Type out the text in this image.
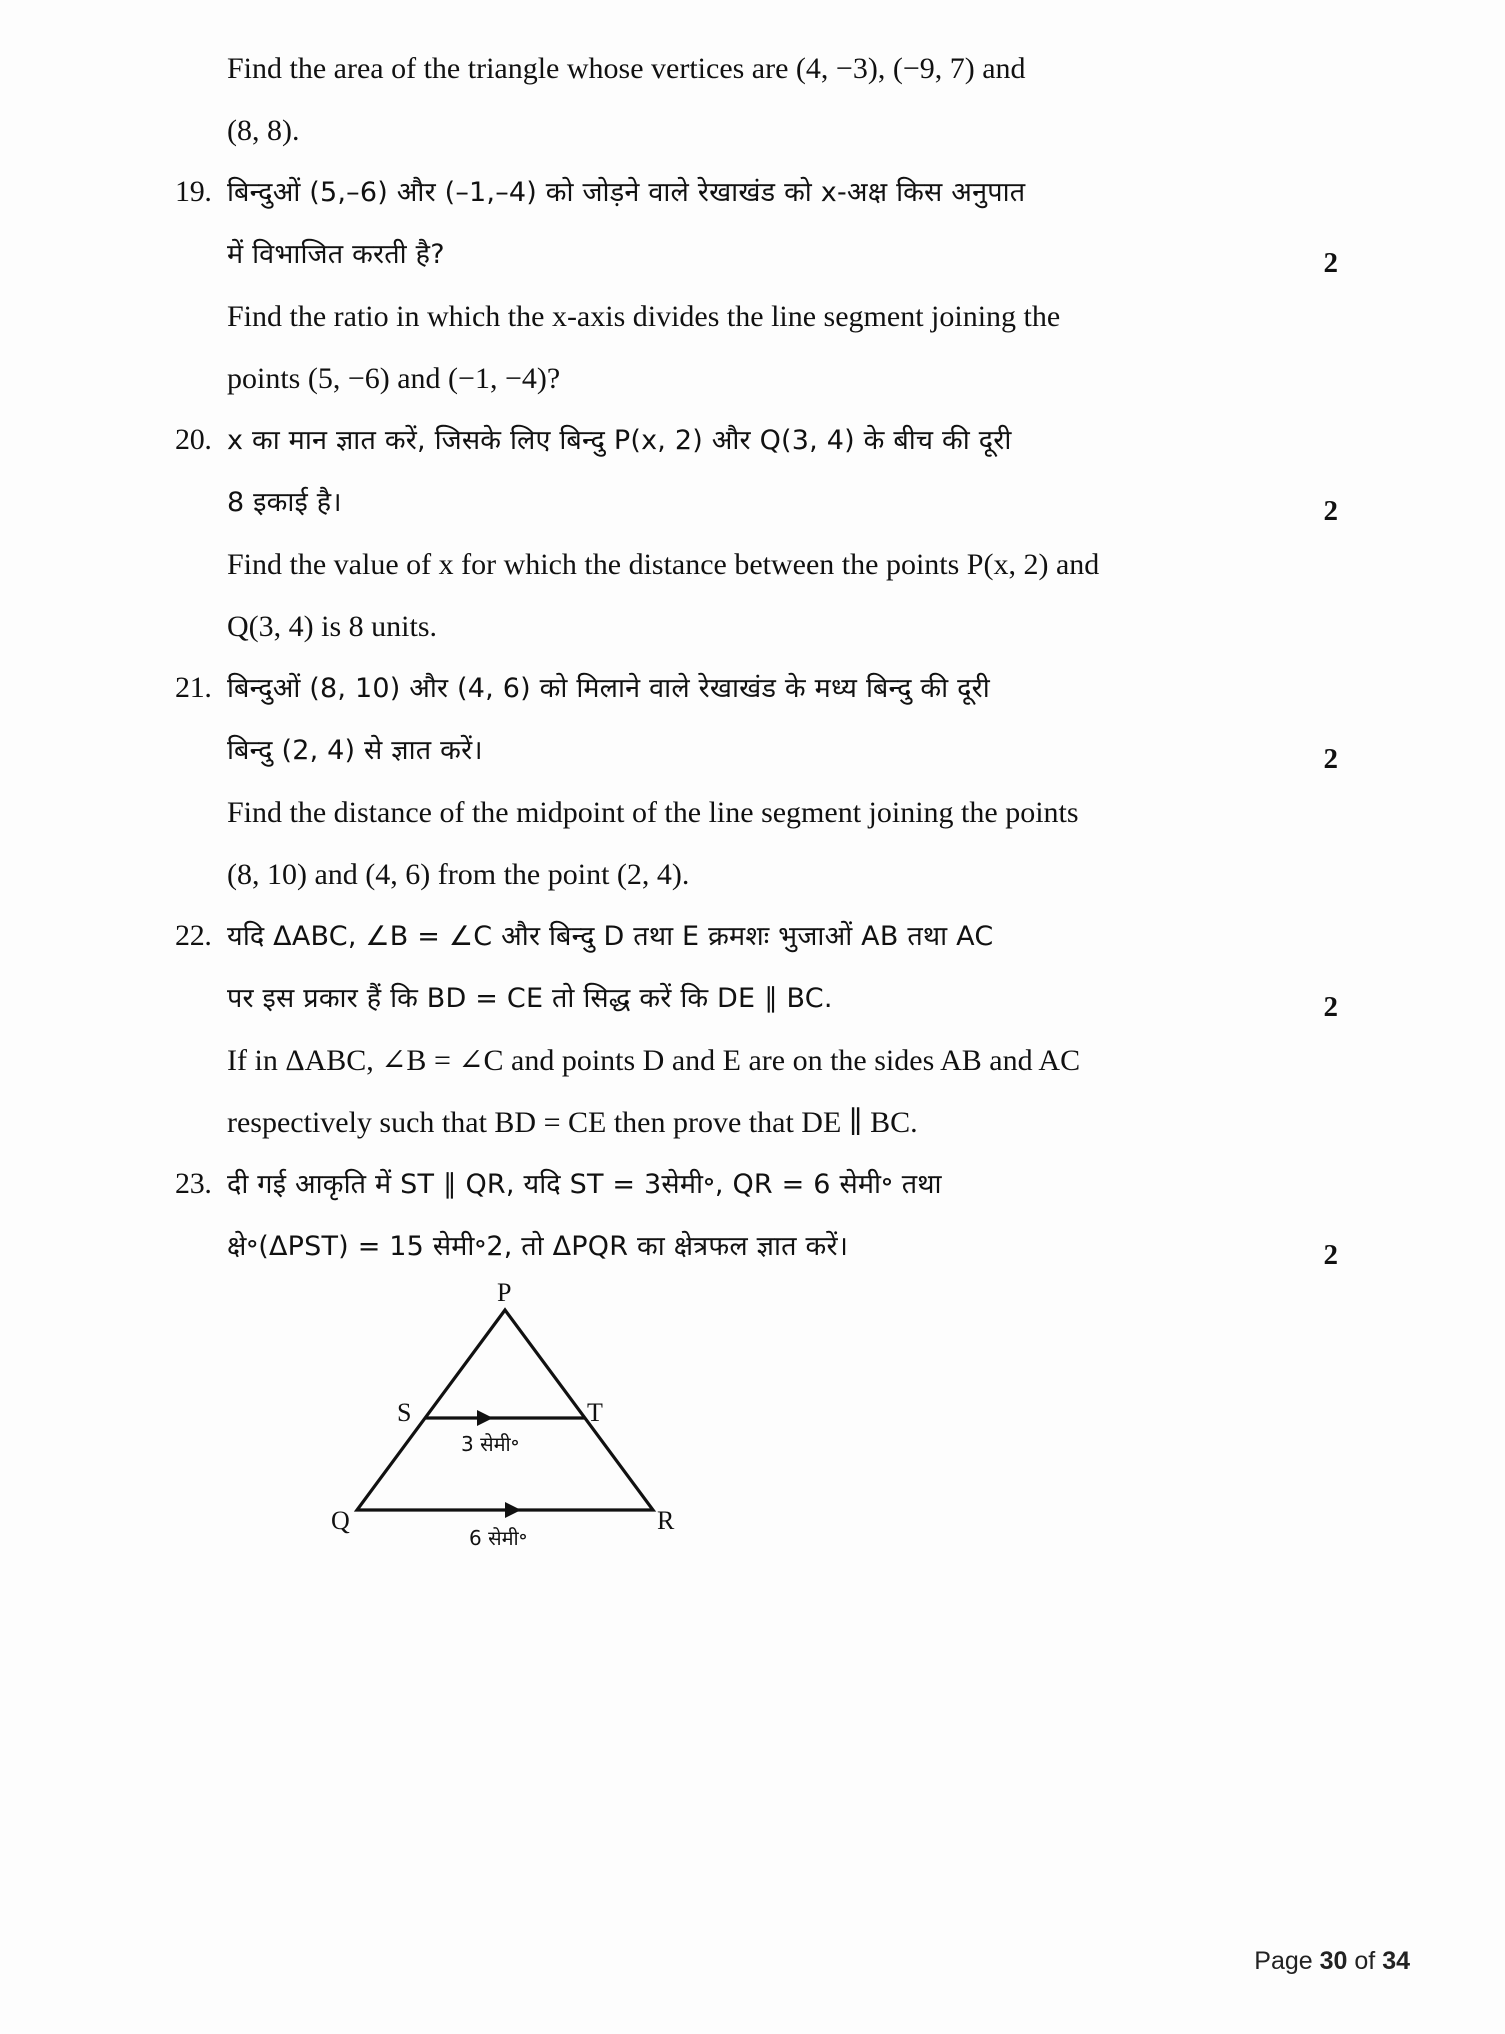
Find the area of the triangle whose vertices are (4, −3), (−9, 7) and
(8, 8).
19. बिन्दुओं (5,–6) और (–1,–4) को जोड़ने वाले रेखाखंड को x-अक्ष किस अनुपात
में विभाजित करती है?	2
Find the ratio in which the x-axis divides the line segment joining the
points (5, −6) and (−1, −4)?
20. x का मान ज्ञात करें, जिसके लिए बिन्दु P(x, 2) और Q(3, 4) के बीच की दूरी
8 इकाई है।	2
Find the value of x for which the distance between the points P(x, 2) and
Q(3, 4) is 8 units.
21. बिन्दुओं (8, 10) और (4, 6) को मिलाने वाले रेखाखंड के मध्य बिन्दु की दूरी
बिन्दु (2, 4) से ज्ञात करें।	2
Find the distance of the midpoint of the line segment joining the points
(8, 10) and (4, 6) from the point (2, 4).
22. यदि ΔABC, ∠B = ∠C और बिन्दु D तथा E क्रमशः भुजाओं AB तथा AC
पर इस प्रकार हैं कि BD = CE तो सिद्ध करें कि DE ∥ BC.	2
If in ΔABC, ∠B = ∠C and points D and E are on the sides AB and AC
respectively such that BD = CE then prove that DE ∥ BC.
23. दी गई आकृति में ST ∥ QR, यदि ST = 3सेमी॰, QR = 6 सेमी॰ तथा
क्षे॰(ΔPST) = 15 सेमी॰2, तो ΔPQR का क्षेत्रफल ज्ञात करें।	2
P
Q	R
S	T
3 सेमी॰
6 सेमी॰
Page 30 of 34
